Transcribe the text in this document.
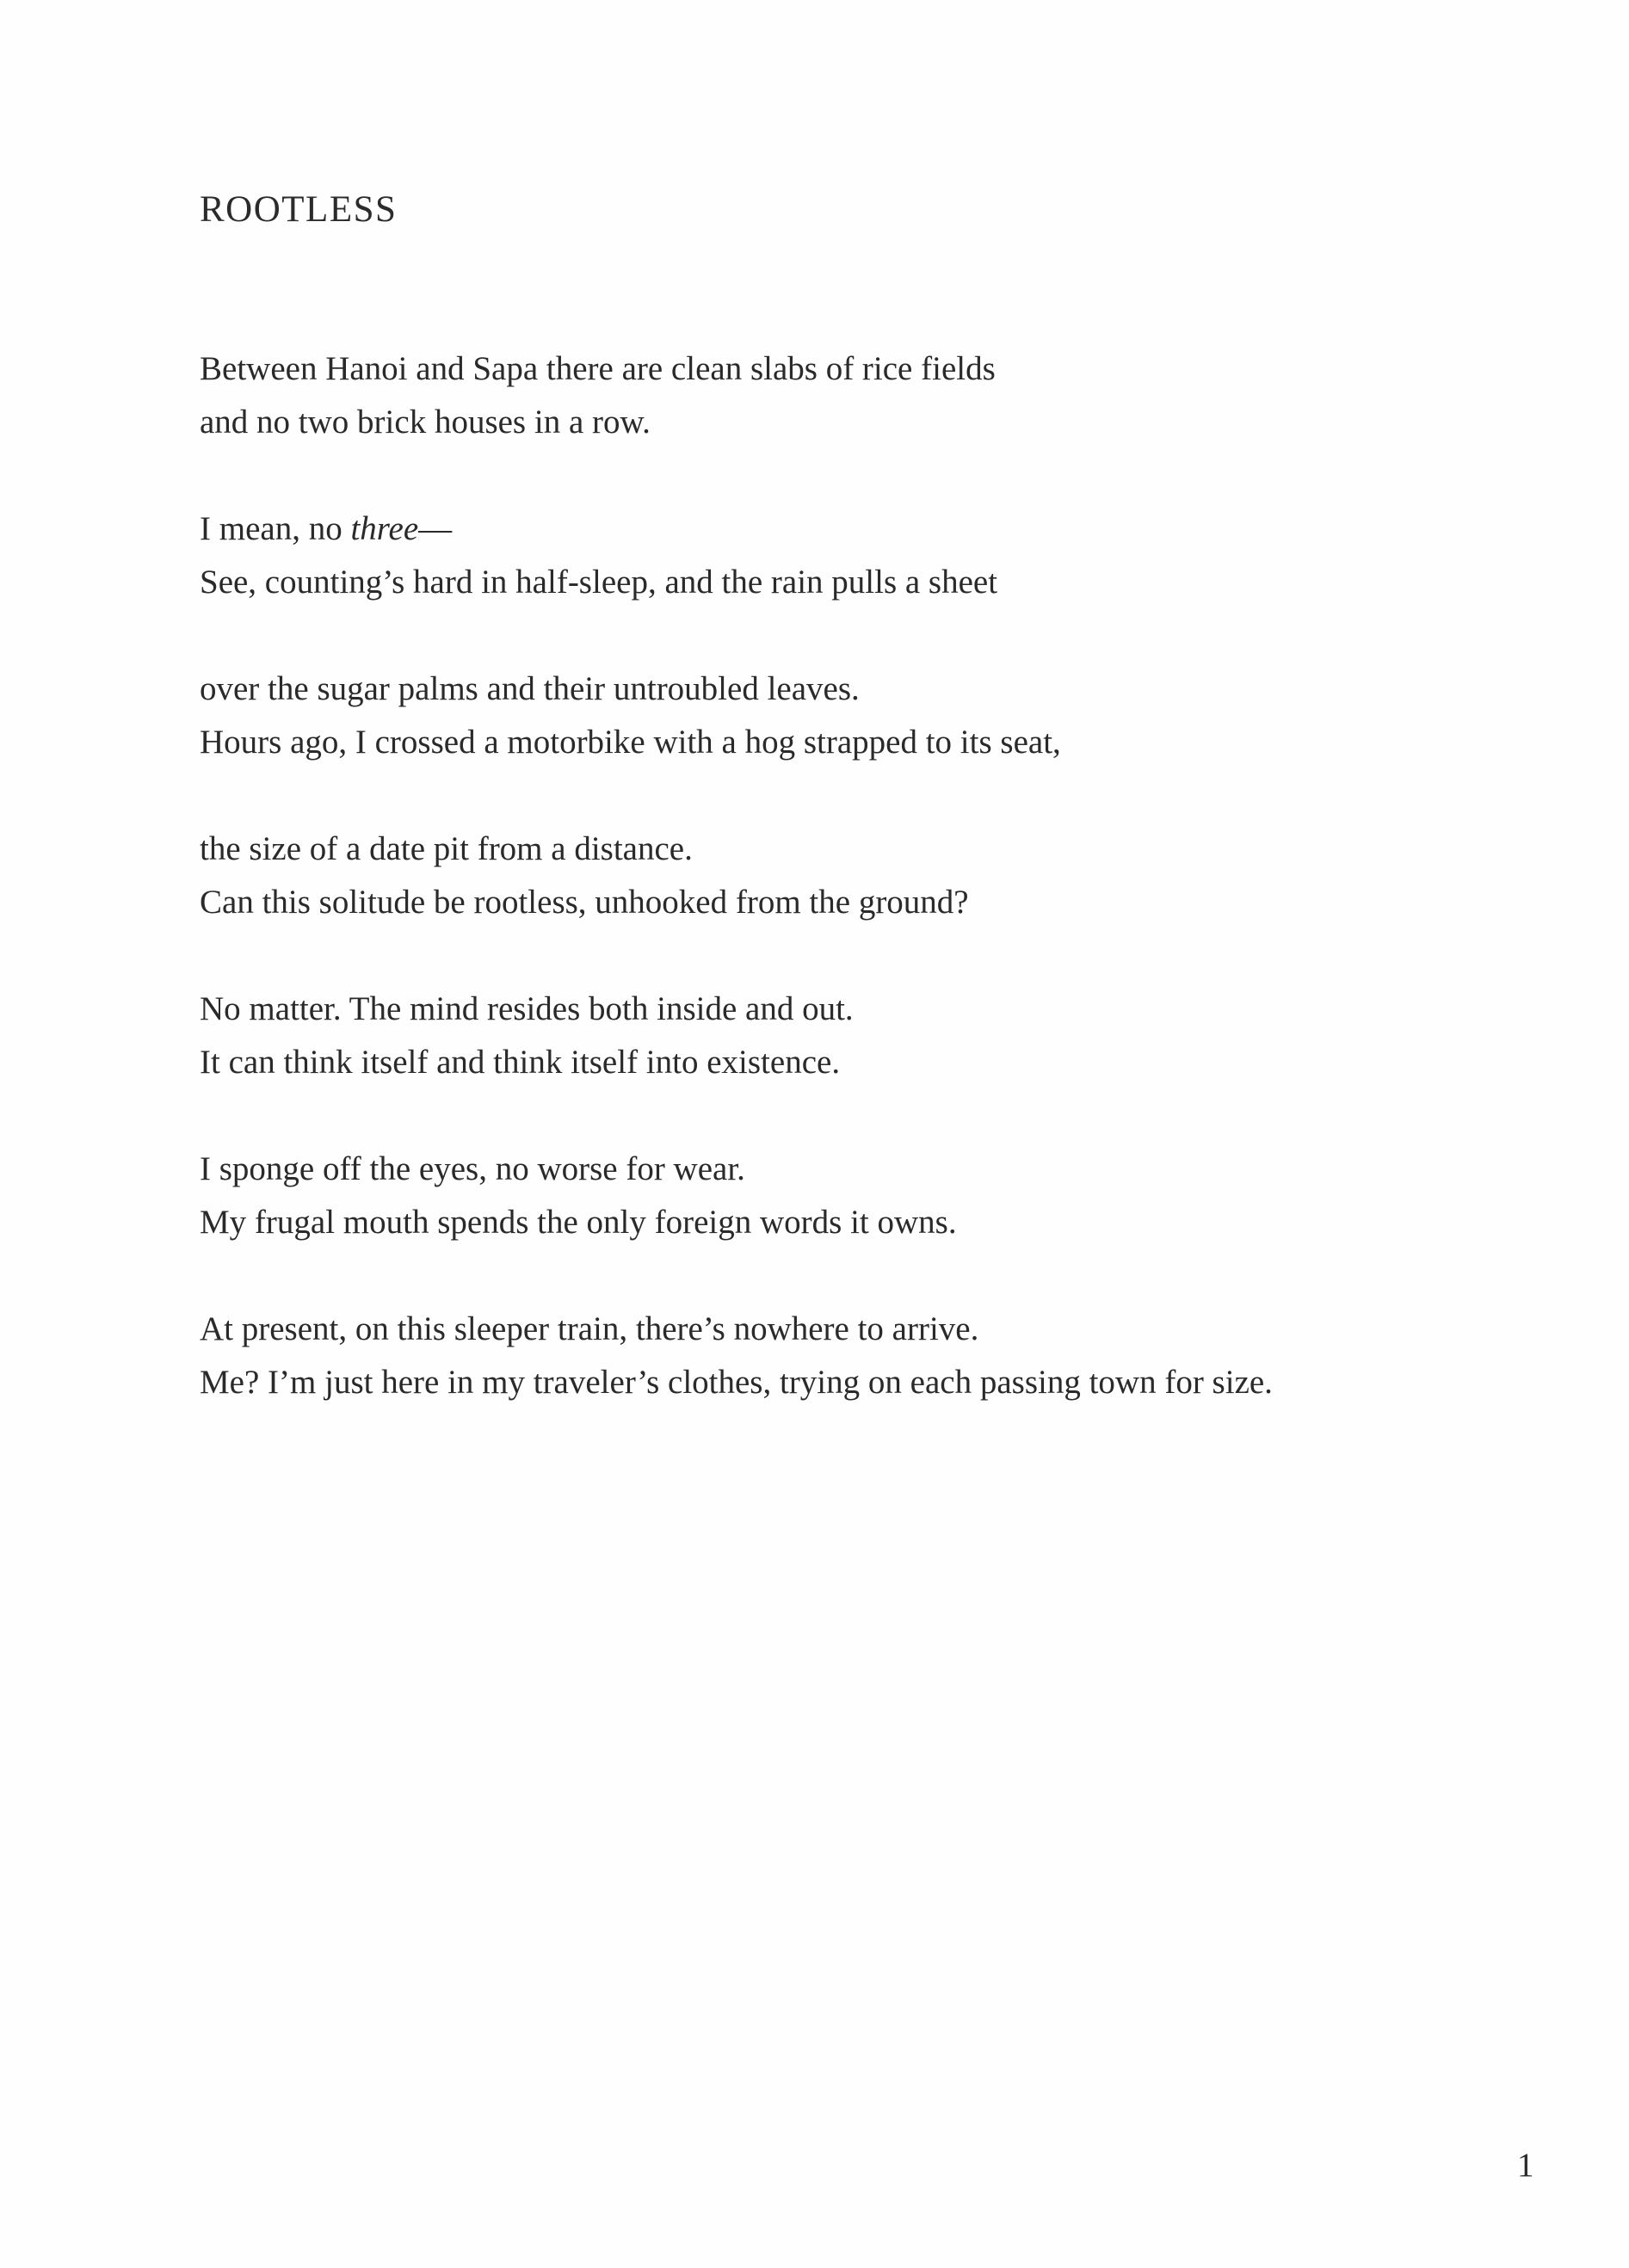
ROOTLESS
Between Hanoi and Sapa there are clean slabs of rice fields
and no two brick houses in a row.
I mean, no three—
See, counting’s hard in half-sleep, and the rain pulls a sheet
over the sugar palms and their untroubled leaves.
Hours ago, I crossed a motorbike with a hog strapped to its seat,
the size of a date pit from a distance.
Can this solitude be rootless, unhooked from the ground?
No matter. The mind resides both inside and out.
It can think itself and think itself into existence.
I sponge off the eyes, no worse for wear.
My frugal mouth spends the only foreign words it owns.
At present, on this sleeper train, there’s nowhere to arrive.
Me? I’m just here in my traveler’s clothes, trying on each passing town for size.
1
